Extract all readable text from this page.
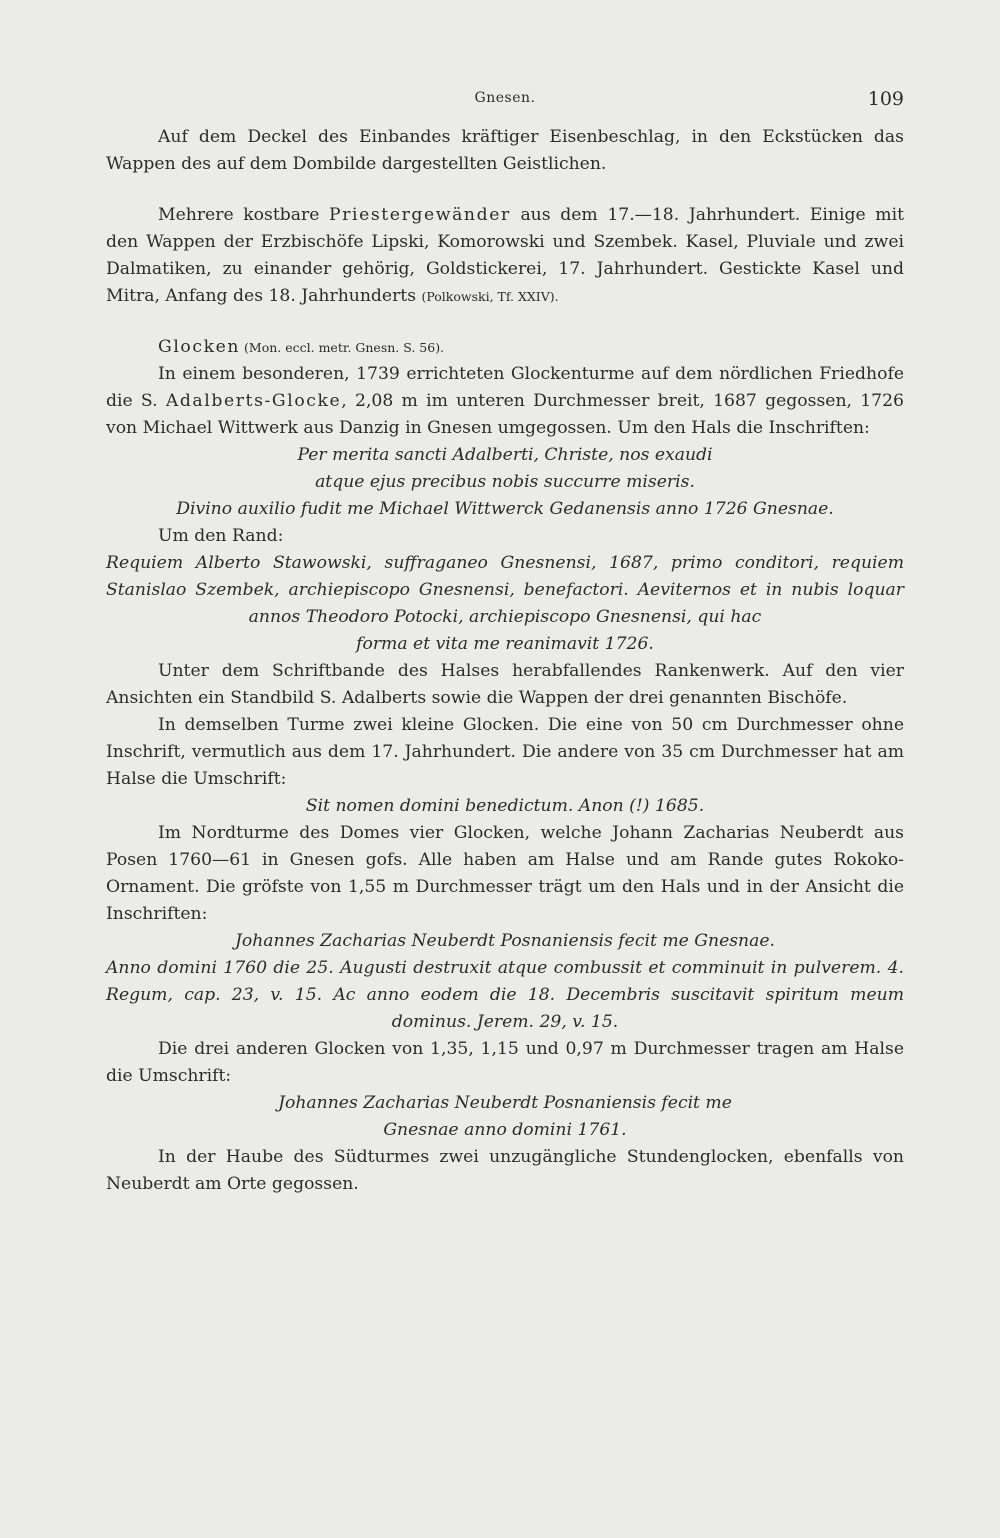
Gnesen.	109

Auf dem Deckel des Einbandes kräftiger Eisenbeschlag, in den Eckstücken das Wappen des auf dem Dombilde dargestellten Geistlichen.

Mehrere kostbare Priestergewänder aus dem 17.—18. Jahrhundert. Einige mit den Wappen der Erzbischöfe Lipski, Komorowski und Szembek. Kasel, Pluviale und zwei Dalmatiken, zu einander gehörig, Goldstickerei, 17. Jahrhundert. Gestickte Kasel und Mitra, Anfang des 18. Jahrhunderts (Polkowski, Tf. XXIV).

Glocken (Mon. eccl. metr. Gnesn. S. 56).

In einem besonderen, 1739 errichteten Glockenturme auf dem nördlichen Friedhofe die S. Adalberts-Glocke, 2,08 m im unteren Durchmesser breit, 1687 gegossen, 1726 von Michael Wittwerk aus Danzig in Gnesen umgegossen. Um den Hals die Inschriften:

Per merita sancti Adalberti, Christe, nos exaudi

atque ejus precibus nobis succurre miseris.

Divino auxilio fudit me Michael Wittwerck Gedanensis anno 1726 Gnesnae.

Um den Rand:

Requiem Alberto Stawowski, suffraganeo Gnesnensi, 1687, primo conditori, requiem Stanislao Szembek, archiepiscopo Gnesnensi, benefactori. Aeviternos et in nubis loquar annos Theodoro Potocki, archiepiscopo Gnesnensi, qui hac

forma et vita me reanimavit 1726.

Unter dem Schriftbande des Halses herabfallendes Rankenwerk. Auf den vier Ansichten ein Standbild S. Adalberts sowie die Wappen der drei genannten Bischöfe.

In demselben Turme zwei kleine Glocken. Die eine von 50 cm Durchmesser ohne Inschrift, vermutlich aus dem 17. Jahrhundert. Die andere von 35 cm Durchmesser hat am Halse die Umschrift:

Sit nomen domini benedictum. Anon (!) 1685.

Im Nordturme des Domes vier Glocken, welche Johann Zacharias Neuberdt aus Posen 1760—61 in Gnesen gofs. Alle haben am Halse und am Rande gutes Rokoko-Ornament. Die gröfste von 1,55 m Durchmesser trägt um den Hals und in der Ansicht die Inschriften:

Johannes Zacharias Neuberdt Posnaniensis fecit me Gnesnae.

Anno domini 1760 die 25. Augusti destruxit atque combussit et comminuit in pulverem. 4. Regum, cap. 23, v. 15. Ac anno eodem die 18. Decembris suscitavit spiritum meum dominus. Jerem. 29, v. 15.

Die drei anderen Glocken von 1,35, 1,15 und 0,97 m Durchmesser tragen am Halse die Umschrift:

Johannes Zacharias Neuberdt Posnaniensis fecit me

Gnesnae anno domini 1761.

In der Haube des Südturmes zwei unzugängliche Stundenglocken, ebenfalls von Neuberdt am Orte gegossen.
